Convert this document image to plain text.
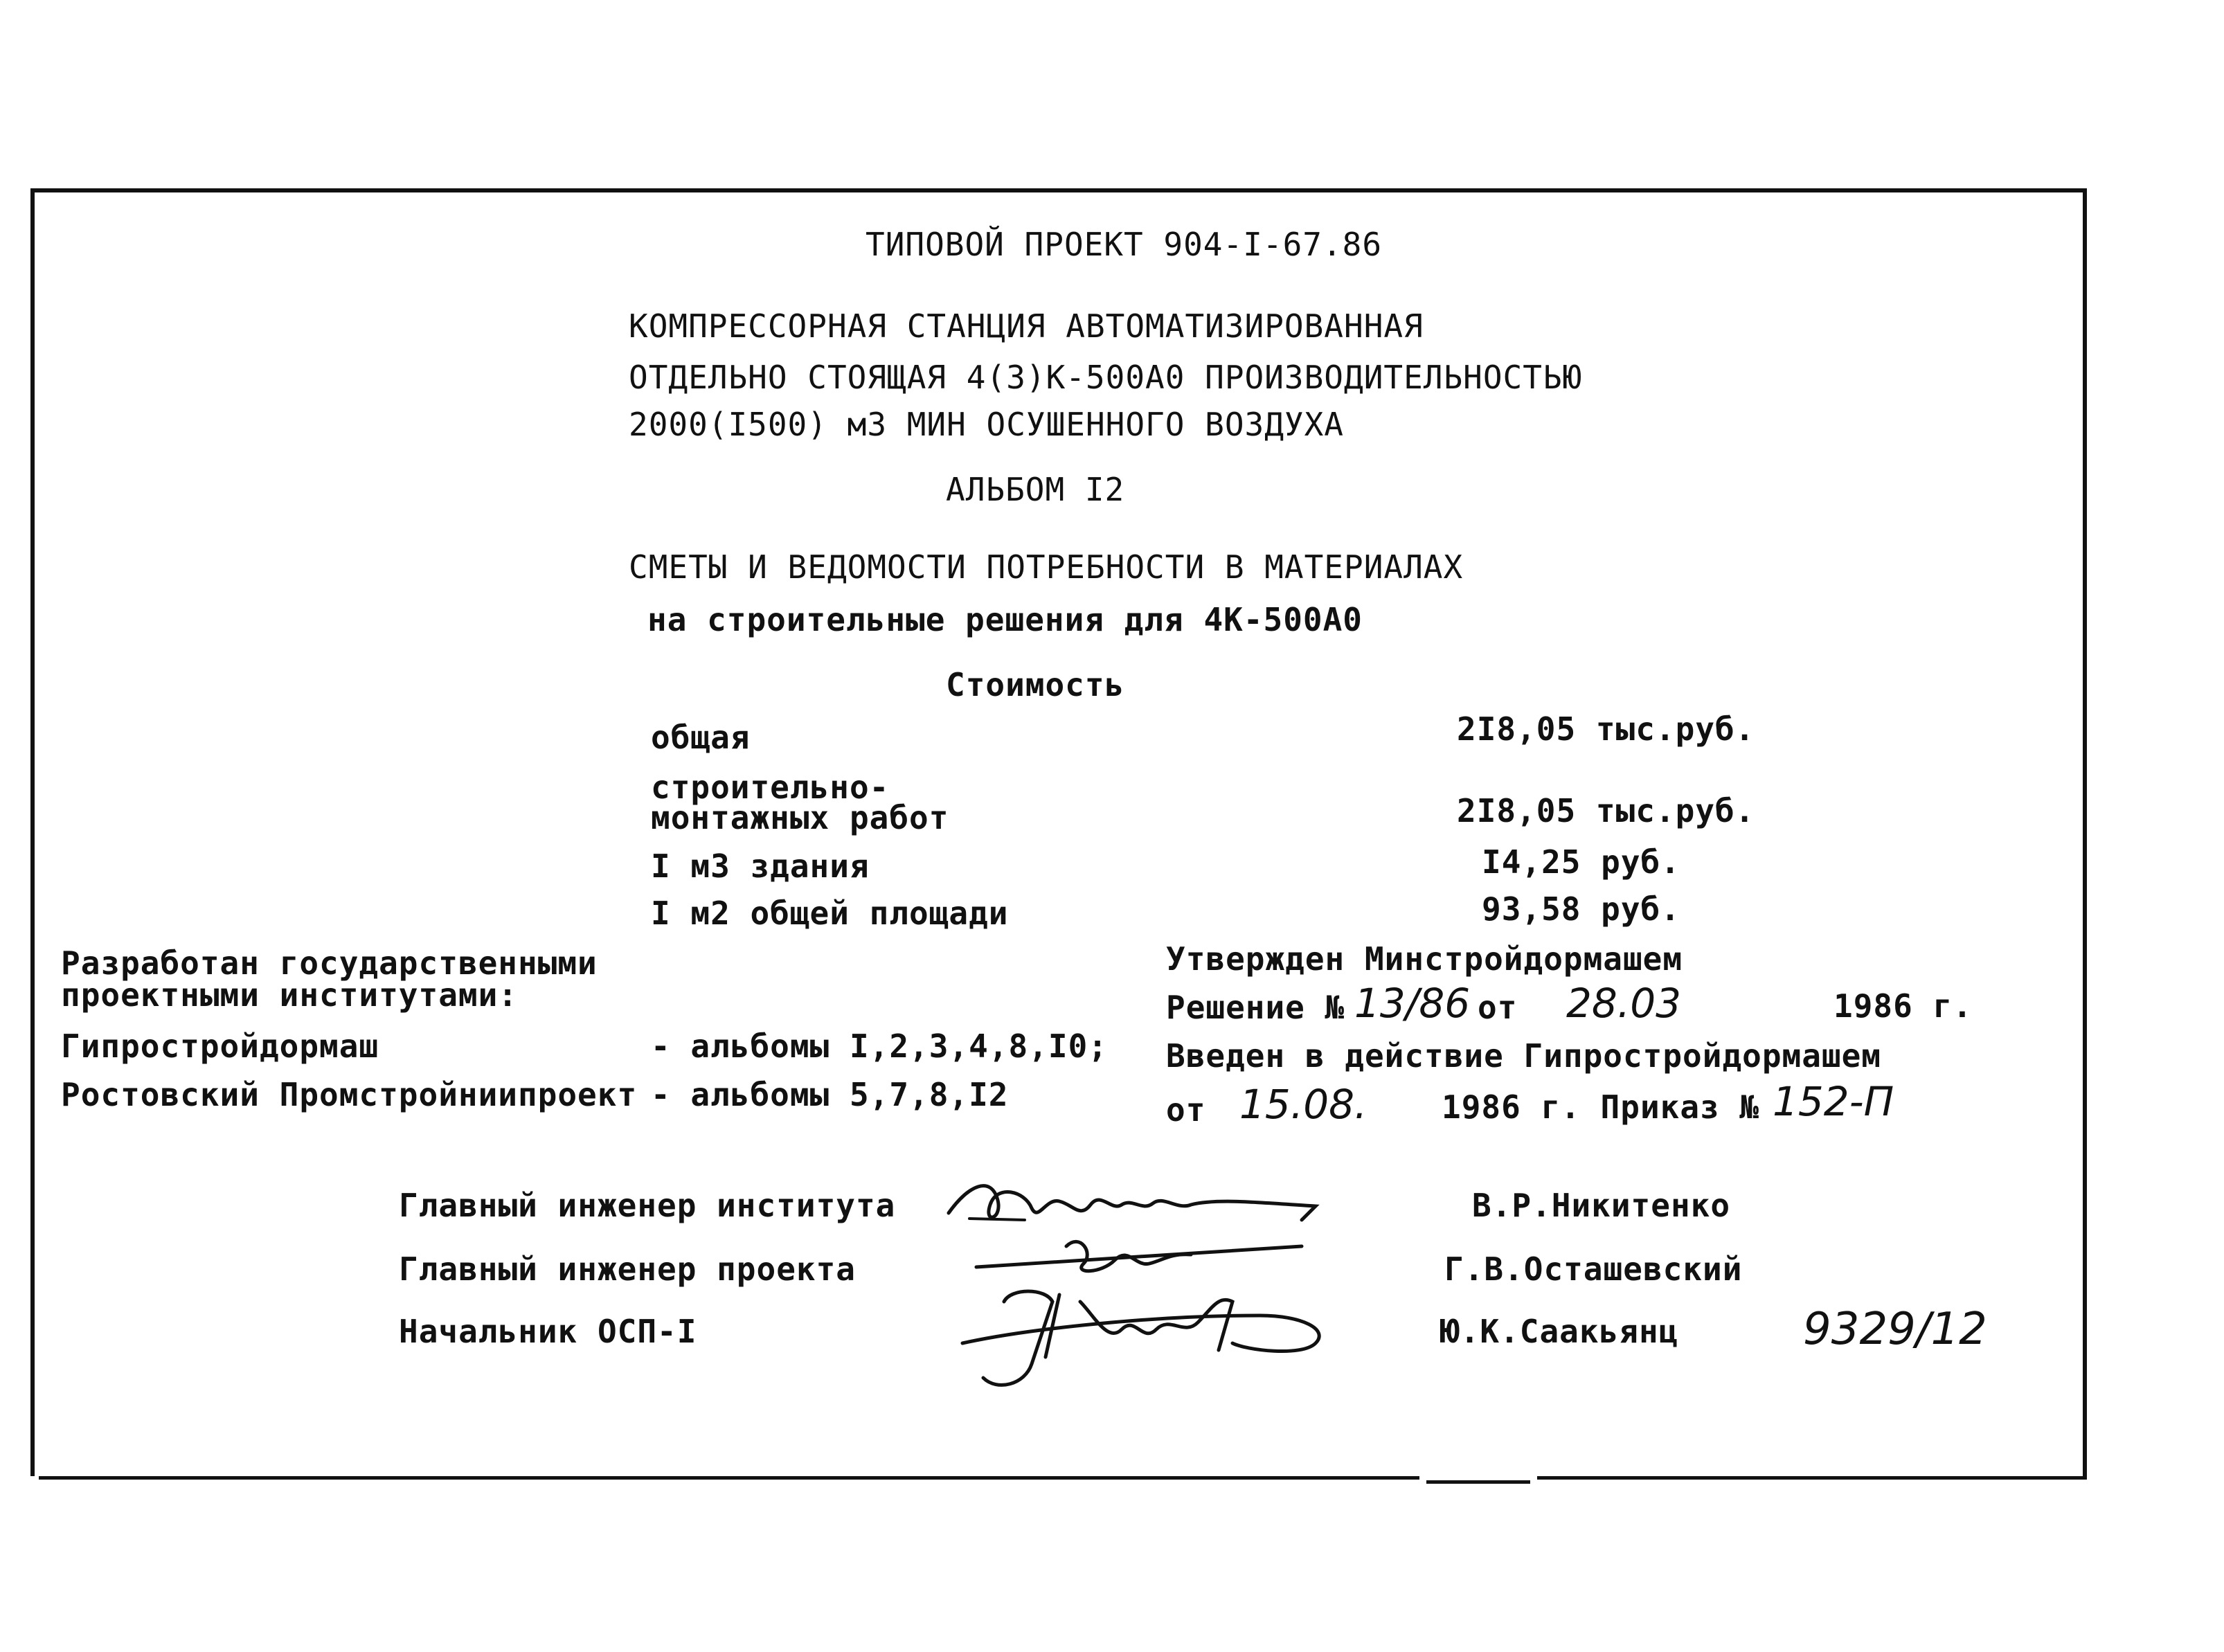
ТИПОВОЙ ПРОЕКТ 904-I-67.86
КОМПРЕССОРНАЯ СТАНЦИЯ АВТОМАТИЗИРОВАННАЯ
ОТДЕЛЬНО СТОЯЩАЯ 4(3)К-500А0 ПРОИЗВОДИТЕЛЬНОСТЬЮ
2000(I500) м3 МИН ОСУШЕННОГО ВОЗДУХА
АЛЬБОМ I2
СМЕТЫ И ВЕДОМОСТИ ПОТРЕБНОСТИ В МАТЕРИАЛАХ
на строительные решения для 4К-500А0
Стоимость
общая	2I8,05 тыс.руб.
строительно-
монтажных работ	2I8,05 тыс.руб.
I м3 здания	I4,25 руб.
I м2 общей площади	93,58 руб.
Разработан государственными
проектными институтами:
Гипростройдормаш	- альбомы I,2,3,4,8,I0;
Ростовский Промстройниипроект - альбомы 5,7,8,I2
Утвержден Минстройдормашем
Решение № 13/86 от 28.03	1986 г.
Введен в действие Гипростройдормашем
от 15.08. 1986 г. Приказ № 152-П
Главный инженер института	В.Р.Никитенко
Главный инженер проекта	Г.В.Осташевский
Начальник ОСП-I	Ю.К.Саакьянц	9329/12
